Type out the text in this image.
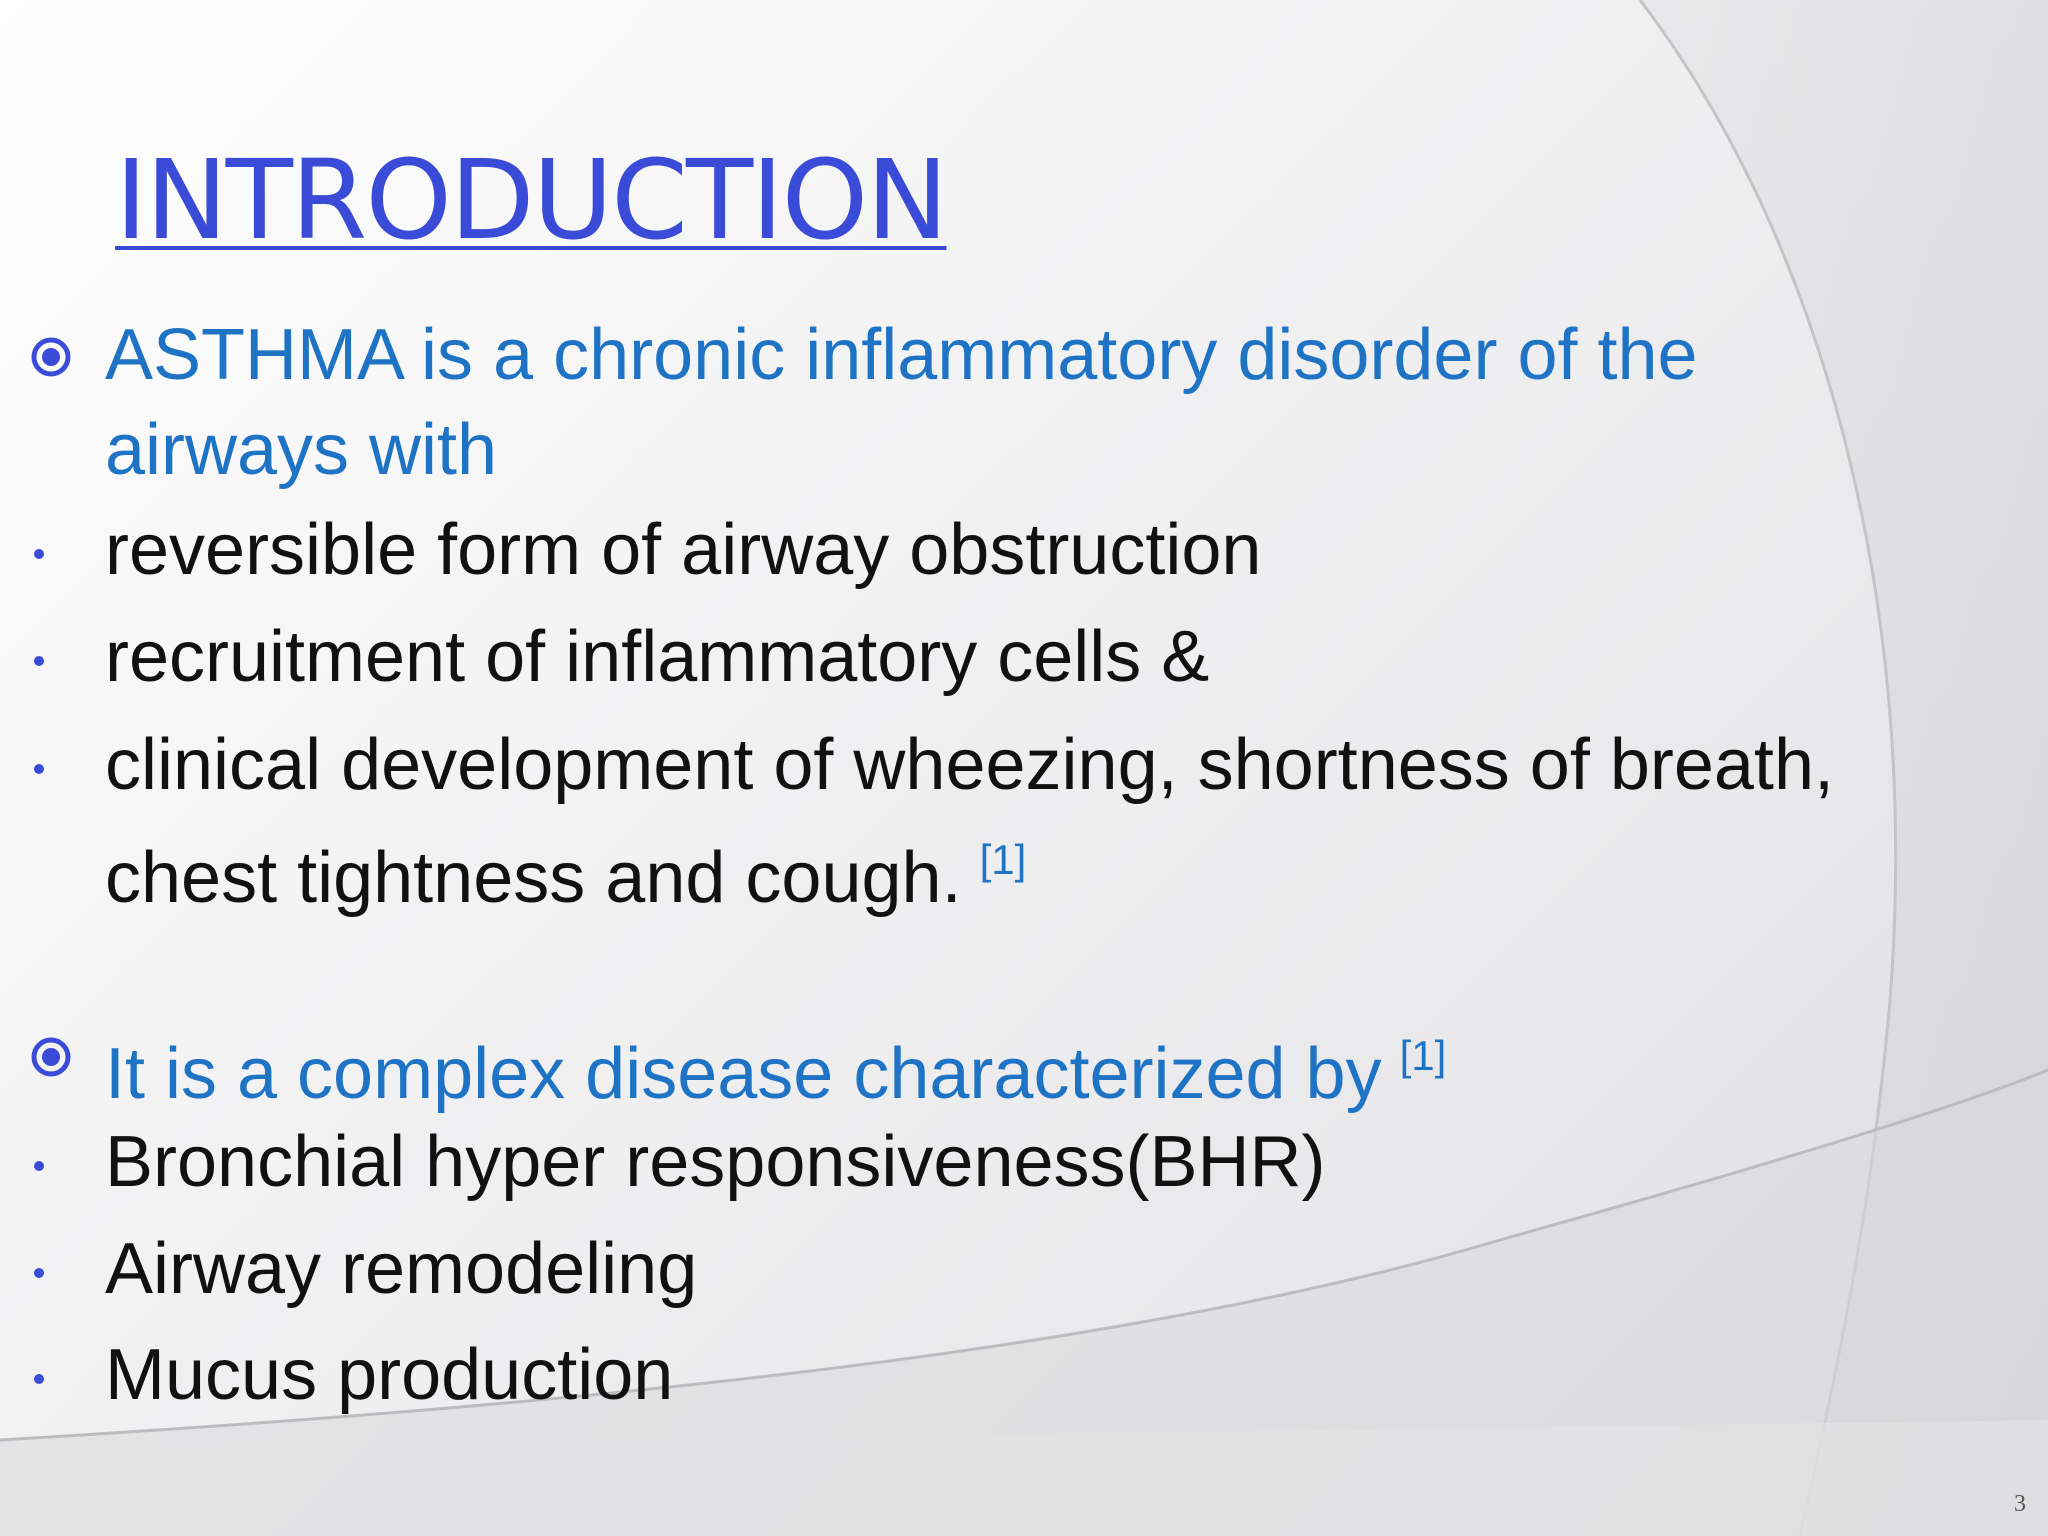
INTRODUCTION
ASTHMA is a chronic inflammatory disorder of the
airways with
reversible form of airway obstruction
recruitment of inflammatory cells &
clinical development of wheezing, shortness of breath,
chest tightness and cough. [1]
It is a complex disease characterized by [1]
Bronchial hyper responsiveness(BHR)
Airway remodeling
Mucus production
3
